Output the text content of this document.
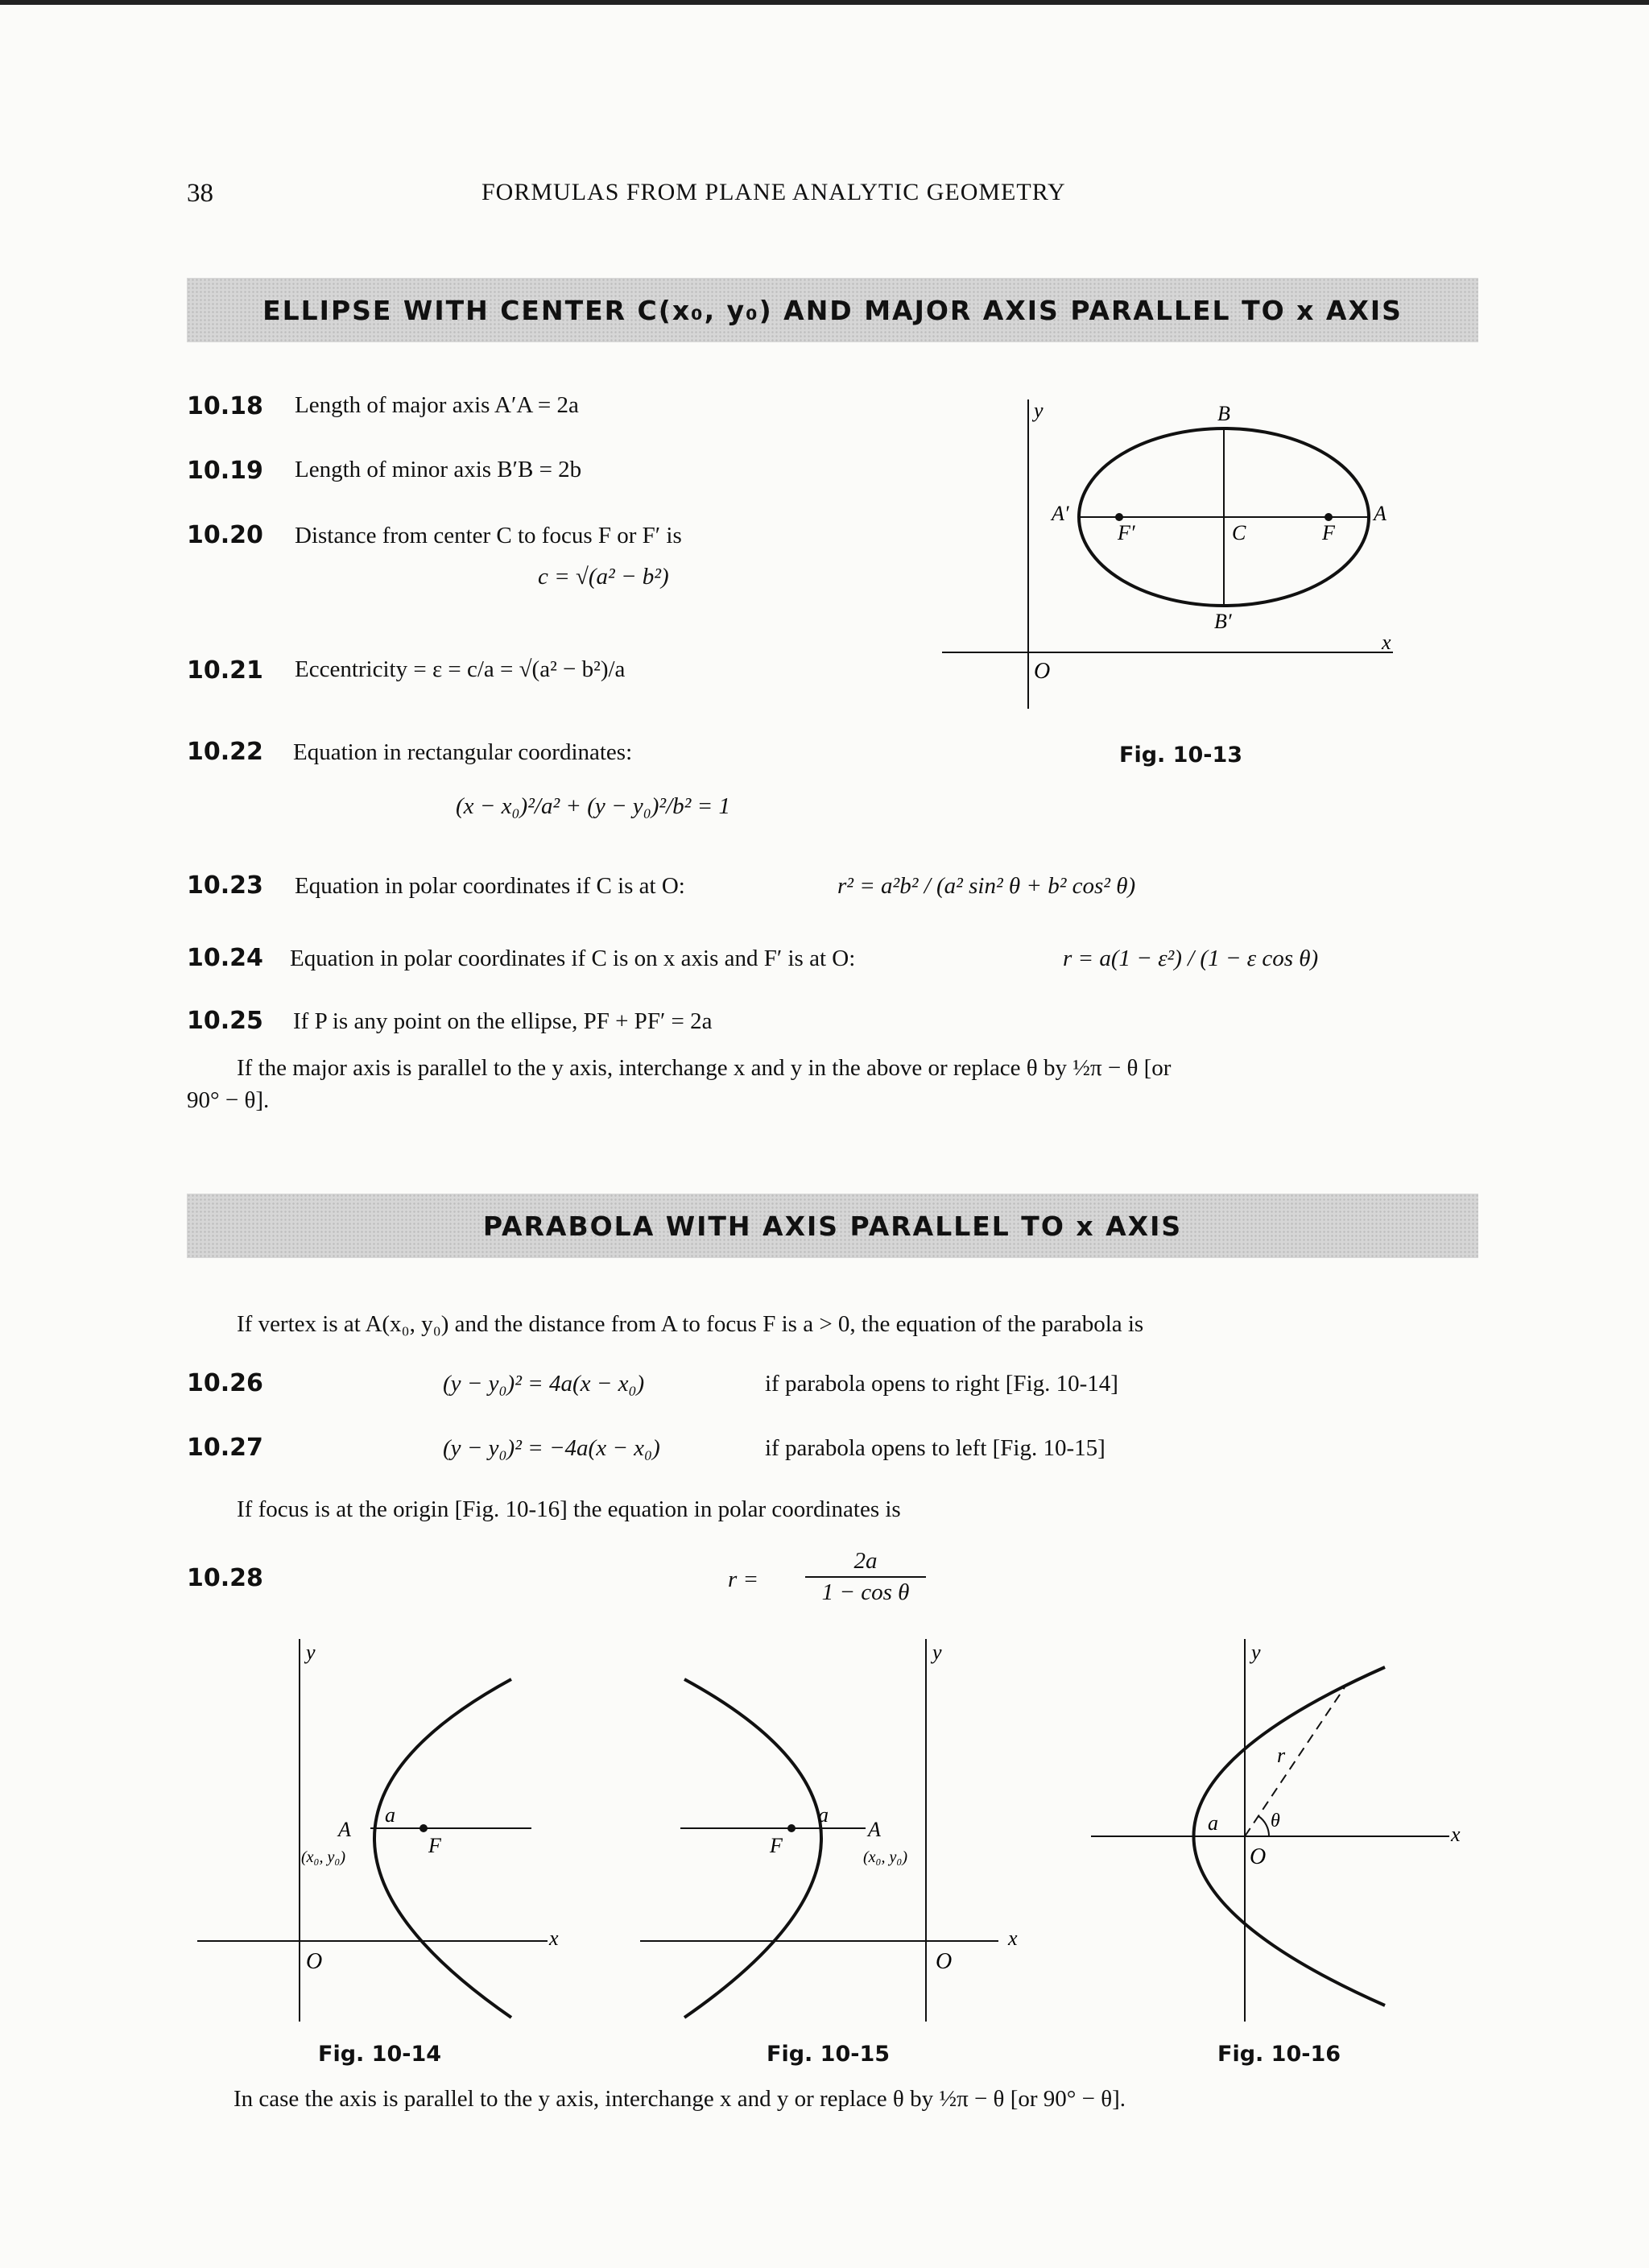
38	FORMULAS FROM PLANE ANALYTIC GEOMETRY
ELLIPSE WITH CENTER C(x₀, y₀) AND MAJOR AXIS PARALLEL TO x AXIS
10.18 Length of major axis A′A = 2a
10.19 Length of minor axis B′B = 2b
10.20 Distance from center C to focus F or F′ is
c = √(a² − b²)
10.21 Eccentricity = ε = c/a = √(a² − b²)/a
10.22 Equation in rectangular coordinates:
(x − x₀)²/a² + (y − y₀)²/b² = 1
10.23 Equation in polar coordinates if C is at O:	r² = a²b² / (a² sin² θ + b² cos² θ)
10.24 Equation in polar coordinates if C is on x axis and F′ is at O:	r = a(1 − ε²) / (1 − ε cos θ)
10.25 If P is any point on the ellipse, PF + PF′ = 2a
If the major axis is parallel to the y axis, interchange x and y in the above or replace θ by ½π − θ [or
90° − θ].
y
x
O
B
B′
A′	A
C
F′	F
Fig. 10-13
PARABOLA WITH AXIS PARALLEL TO x AXIS
If vertex is at A(x₀, y₀) and the distance from A to focus F is a > 0, the equation of the parabola is
10.26	(y − y₀)² = 4a(x − x₀)	if parabola opens to right [Fig. 10-14]
10.27	(y − y₀)² = −4a(x − x₀)	if parabola opens to left [Fig. 10-15]
If focus is at the origin [Fig. 10-16] the equation in polar coordinates is
10.28	$r = \frac{2a}{\text{1 − cos θ}}$
y
x
O
a
A
F
(x₀, y₀)
Fig. 10-14
y
x
O
a
A
F	(x₀, y₀)
Fig. 10-15
y
x
O
a
r
θ
Fig. 10-16
In case the axis is parallel to the y axis, interchange x and y or replace θ by ½π − θ [or 90° − θ].
